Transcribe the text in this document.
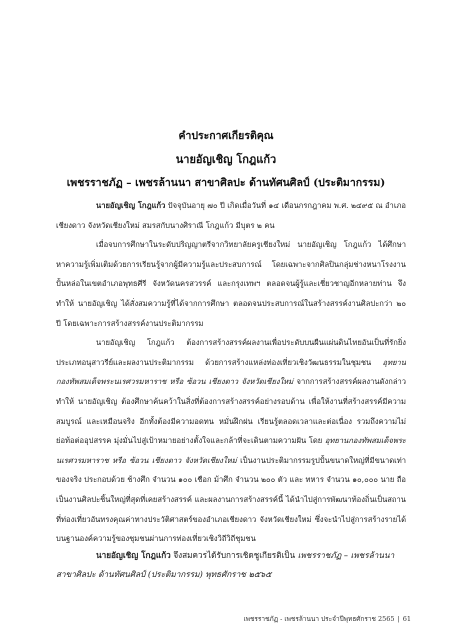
คำประกาศเกียรติคุณ
นายอัญเชิญ โกฎแก้ว
เพชรราชภัฏ – เพชรล้านนา สาขาศิลปะ ด้านทัศนศิลป์ (ประติมากรรม)

นายอัญเชิญ โกฎแก้ว ปัจจุบันอายุ ๗๐ ปี เกิดเมื่อวันที่ ๑๔ เดือนกรกฎาคม พ.ศ. ๒๔๙๕ ณ อำเภอเชียงดาว จังหวัดเชียงใหม่ สมรสกับนางศิราณี โกฎแก้ว มีบุตร ๒ คน

เมื่อจบการศึกษาในระดับปริญญาตรีจากวิทยาลัยครูเชียงใหม่ นายอัญเชิญ โกฎแก้ว ได้ศึกษาหาความรู้เพิ่มเติมด้วยการเรียนรู้จากผู้มีความรู้และประสบการณ์ โดยเฉพาะจากศิลปินกลุ่มช่างหนาโรงงานปั้นหล่อในเขตอำเภอพุทธศีรี จังหวัดนครสวรรค์ และกรุงเทพฯ ตลอดจนผู้รู้และเชี่ยวชาญอีกหลายท่าน จึงทำให้ นายอัญเชิญ ได้สั่งสมความรู้ที่ได้จากการศึกษา ตลอดจนประสบการณ์ในสร้างสรรค์งานศิลปะกว่า ๒๐ ปี โดยเฉพาะการสร้างสรรค์งานประติมากรรม

นายอัญเชิญ โกฎแก้ว ต้องการสร้างสรรค์ผลงานเพื่อประดับบนผืนแผ่นดินไทยอันเป็นที่รักยิ่ง ประเภทอนุสาวรีย์และผลงานประติมากรรม ด้วยการสร้างแหล่งท่องเที่ยวเชิงวัฒนธรรมในชุมชน อุทยานกองทัพสมเด็จพระนเรศวรมหาราช หรือ ซ้อวน เชียงดาว จังหวัดเชียงใหม่ จากการสร้างสรรค์ผลงานดังกล่าว ทำให้ นายอัญเชิญ ต้องศึกษาค้นคว้าในสิ่งที่ต้องการสร้างสรรค์อย่างรอบด้าน เพื่อให้งานที่สร้างสรรค์มีความสมบูรณ์ และเหมือนจริง อีกทั้งต้องมีความอดทน หมั่นฝึกฝน เรียนรู้ตลอดเวลาและต่อเนื่อง รวมถึงความไม่ย่อท้อต่ออุปสรรค มุ่งมั่นไปสู่เป้าหมายอย่างตั้งใจและกล้าที่จะเดินตามความฝัน โดย อุทยานกองทัพสมเด็จพระนเรศวรมหาราช หรือ ซ้อวน เชียงดาว จังหวัดเชียงใหม่ เป็นงานประติมากรรมรูปปั้นขนาดใหญ่ที่มีขนาดเท่าของจริง ประกอบด้วย ช้างศึก จำนวน ๑๐๐ เชือก ม้าศึก จำนวน ๒๐๐ ตัว และ ทหาร จำนวน ๑๐,๐๐๐ นาย ถือเป็นงานศิลปะชิ้นใหญ่ที่สุดที่เคยสร้างสรรค์ และผลงานการสร้างสรรค์นี้ ได้นำไปสู่การพัฒนาท้องถิ่นเป็นสถานที่ท่องเที่ยวอันทรงคุณค่าทางประวัติศาสตร์ของอำเภอเชียงดาว จังหวัดเชียงใหม่ ซึ่งจะนำไปสู่การสร้างรายได้บนฐานองค์ความรู้ของชุมชนผ่านการท่องเที่ยวเชิงวิถีวิถีชุมชน

นายอัญเชิญ โกฎแก้ว จึงสมควรได้รับการเชิดชูเกียรติเป็น เพชรราชภัฏ – เพชรล้านนา สาขาศิลปะ ด้านทัศนศิลป์ (ประติมากรรม) พุทธศักราช ๒๕๖๕

เพชรราชภัฏ - เพชรล้านนา ประจำปีพุทธศักราช 2565 | 61
